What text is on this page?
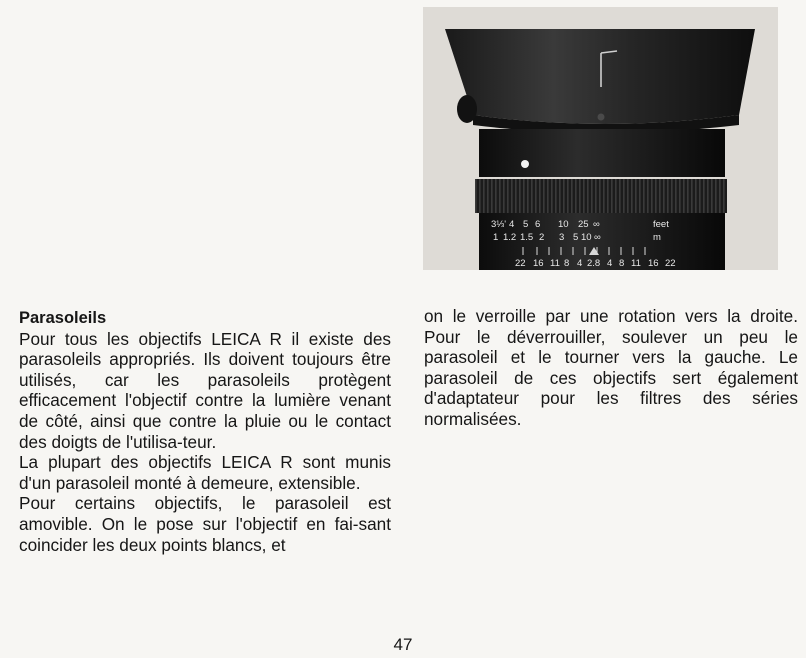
3⅓' 4 5 6 10 25 ∞	feet
1 1.2 1.5 2 3 5 10 ∞	m
22 16 11 8 4 2.8 4 8 11 16 22
Parasoleils

Pour tous les objectifs LEICA R il existe des parasoleils appropriés. Ils doivent toujours être utilisés, car les parasoleils protègent efficacement l'objectif contre la lumière venant de côté, ainsi que contre la pluie ou le contact des doigts de l'utilisa-teur.

La plupart des objectifs LEICA R sont munis d'un parasoleil monté à demeure, extensible.

Pour certains objectifs, le parasoleil est amovible. On le pose sur l'objectif en fai-sant coincider les deux points blancs, et

on le verroille par une rotation vers la droite. Pour le déverrouiller, soulever un peu le parasoleil et le tourner vers la gauche. Le parasoleil de ces objectifs sert également d'adaptateur pour les filtres des séries normalisées.

47
